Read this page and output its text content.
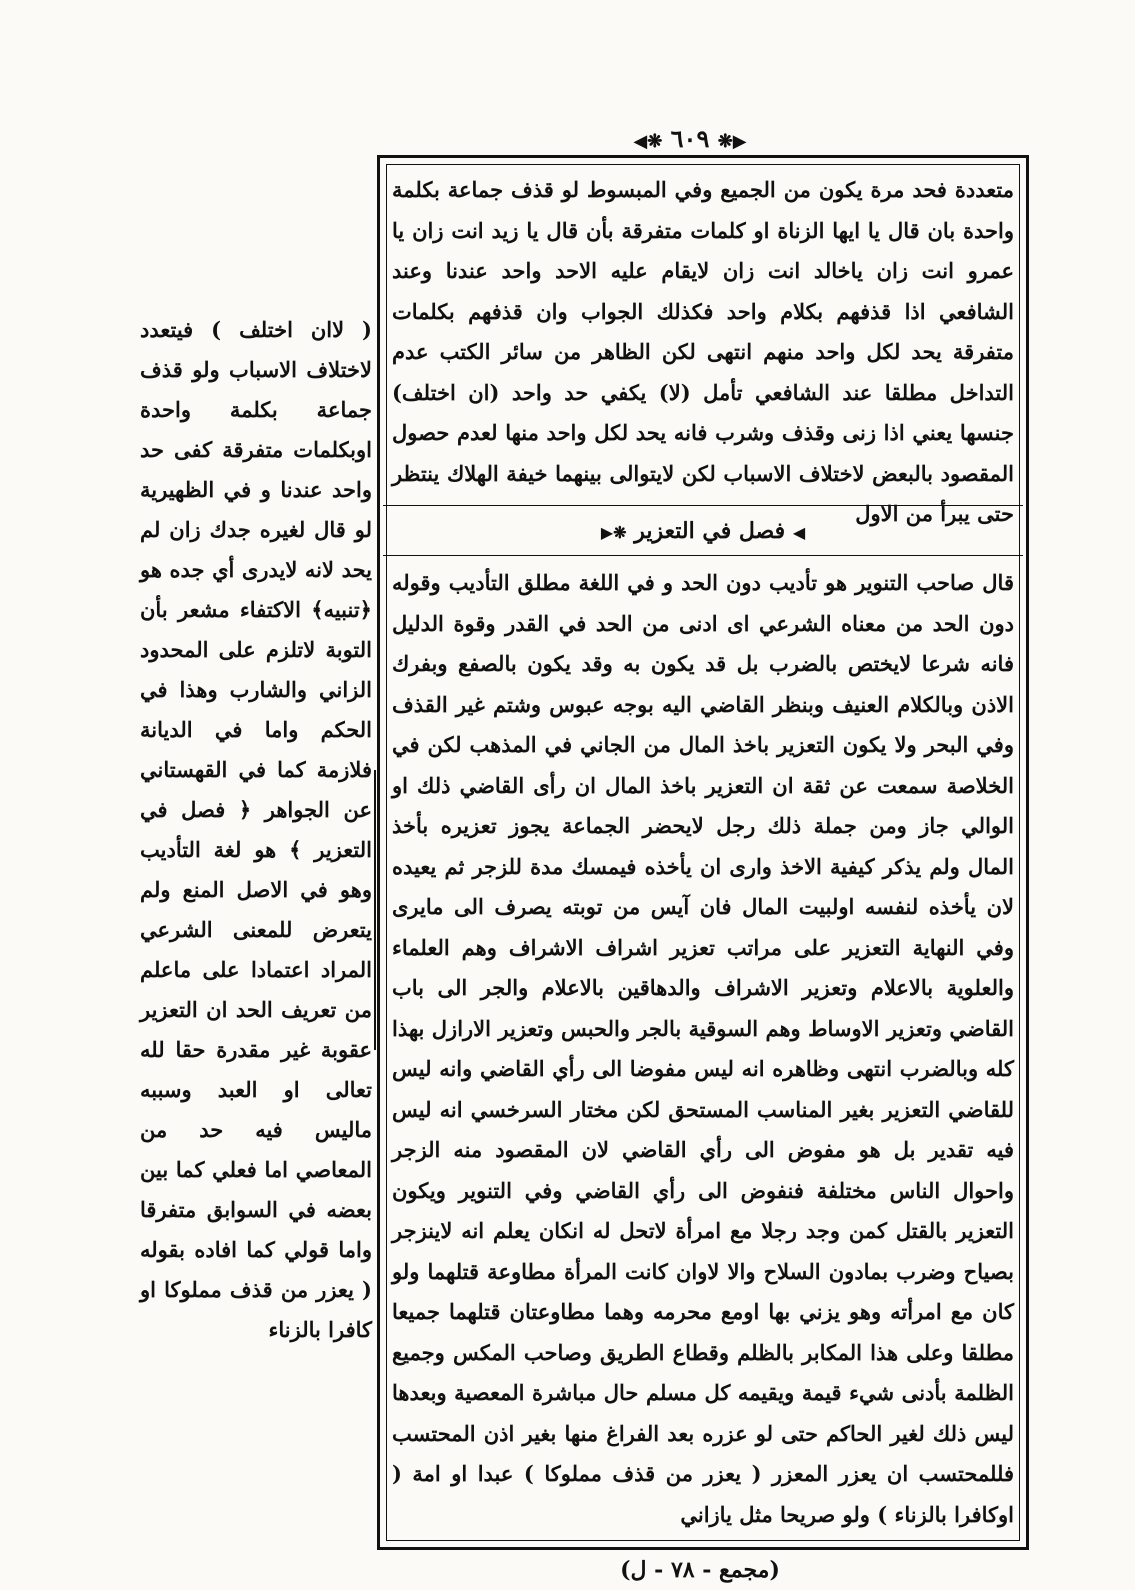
◀❋ ٦٠٩ ❋▶
متعددة فحد مرة يكون من الجميع وفي المبسوط لو قذف جماعة بكلمة واحدة بان قال يا ايها الزناة او كلمات متفرقة بأن قال يا زيد انت زان يا عمرو انت زان ياخالد انت زان لايقام عليه الاحد واحد عندنا وعند الشافعي اذا قذفهم بكلام واحد فكذلك الجواب وان قذفهم بكلمات متفرقة يحد لكل واحد منهم انتهى لكن الظاهر من سائر الكتب عدم التداخل مطلقا عند الشافعي تأمل (لا) يكفي حد واحد (ان اختلف) جنسها يعني اذا زنى وقذف وشرب فانه يحد لكل واحد منها لعدم حصول المقصود بالبعض لاختلاف الاسباب لكن لايتوالى بينهما خيفة الهلاك ينتظر حتى يبرأ من الاول
◀ فصل في التعزير ❋▶
قال صاحب التنوير هو تأديب دون الحد و في اللغة مطلق التأديب وقوله دون الحد من معناه الشرعي اى ادنى من الحد في القدر وقوة الدليل فانه شرعا لايختص بالضرب بل قد يكون به وقد يكون بالصفع وبفرك الاذن وبالكلام العنيف وبنظر القاضي اليه بوجه عبوس وشتم غير القذف وفي البحر ولا يكون التعزير باخذ المال من الجاني في المذهب لكن في الخلاصة سمعت عن ثقة ان التعزير باخذ المال ان رأى القاضي ذلك او الوالي جاز ومن جملة ذلك رجل لايحضر الجماعة يجوز تعزيره بأخذ المال ولم يذكر كيفية الاخذ وارى ان يأخذه فيمسك مدة للزجر ثم يعيده لان يأخذه لنفسه اولبيت المال فان آيس من توبته يصرف الى مايرى وفي النهاية التعزير على مراتب تعزير اشراف الاشراف وهم العلماء والعلوية بالاعلام وتعزير الاشراف والدهاقين بالاعلام والجر الى باب القاضي وتعزير الاوساط وهم السوقية بالجر والحبس وتعزير الارازل بهذا كله وبالضرب انتهى وظاهره انه ليس مفوضا الى رأي القاضي وانه ليس للقاضي التعزير بغير المناسب المستحق لكن مختار السرخسي انه ليس فيه تقدير بل هو مفوض الى رأي القاضي لان المقصود منه الزجر واحوال الناس مختلفة فنفوض الى رأي القاضي وفي التنوير ويكون التعزير بالقتل كمن وجد رجلا مع امرأة لاتحل له انكان يعلم انه لاينزجر بصياح وضرب بمادون السلاح والا لاوان كانت المرأة مطاوعة قتلهما ولو كان مع امرأته وهو يزني بها اومع محرمه وهما مطاوعتان قتلهما جميعا مطلقا وعلى هذا المكابر بالظلم وقطاع الطريق وصاحب المكس وجميع الظلمة بأدنى شيء قيمة ويقيمه كل مسلم حال مباشرة المعصية وبعدها ليس ذلك لغير الحاكم حتى لو عزره بعد الفراغ منها بغير اذن المحتسب فللمحتسب ان يعزر المعزر ( يعزر من قذف مملوكا ) عبدا او امة ( اوكافرا بالزناء ) ولو صريحا مثل يازاني
( لاان اختلف ) فيتعدد لاختلاف الاسباب ولو قذف جماعة بكلمة واحدة اوبكلمات متفرقة كفى حد واحد عندنا و في الظهيرية لو قال لغيره جدك زان لم يحد لانه لايدرى أي جده هو ﴿تنبيه﴾ الاكتفاء مشعر بأن التوبة لاتلزم على المحدود الزاني والشارب وهذا في الحكم واما في الديانة فلازمة كما في القهستاني عن الجواهر ﴿ فصل في التعزير ﴾ هو لغة التأديب وهو في الاصل المنع ولم يتعرض للمعنى الشرعي المراد اعتمادا على ماعلم من تعريف الحد ان التعزير عقوبة غير مقدرة حقا لله تعالى او العبد وسببه ماليس فيه حد من المعاصي اما فعلي كما بين بعضه في السوابق متفرقا واما قولي كما افاده بقوله ( يعزر من قذف مملوكا او كافرا بالزناء
(مجمع - ٧٨ - ل)
